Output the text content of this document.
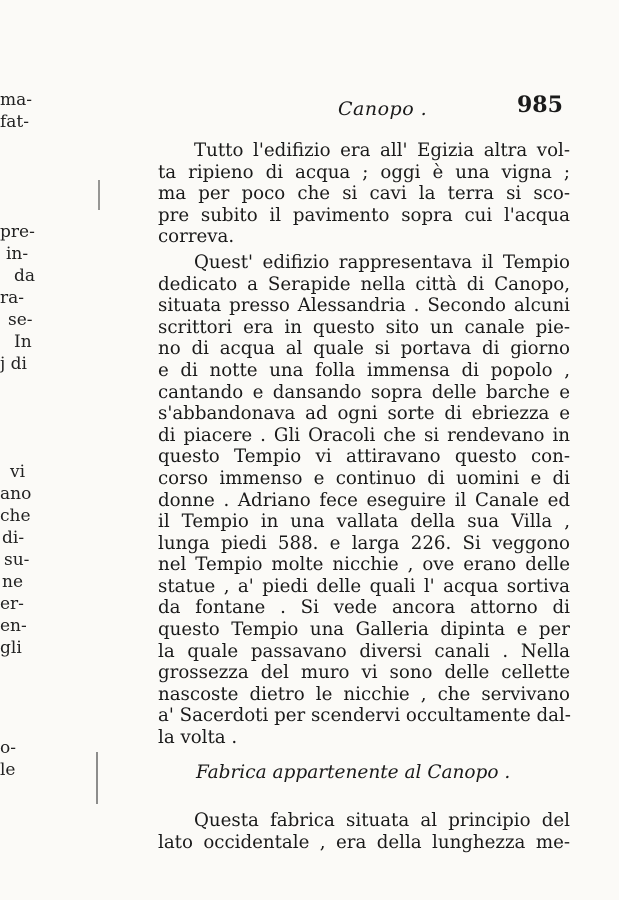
ma-
fat-
pre-
in-
da
ra-
se-
In
j di
vi
ano
che
di-
su-
ne
er-
en-
gli
o-
le
Canopo .	985
Tutto l'edifizio era all' Egizia altra vol-
ta ripieno di acqua ; oggi è una vigna ;
ma per poco che si cavi la terra si sco-
pre subito il pavimento sopra cui l'acqua
correva.
Quest' edifizio rappresentava il Tempio
dedicato a Serapide nella città di Canopo,
situata presso Alessandria . Secondo alcuni
scrittori era in questo sito un canale pie-
no di acqua al quale si portava di giorno
e di notte una folla immensa di popolo ,
cantando e dansando sopra delle barche e
s'abbandonava ad ogni sorte di ebriezza e
di piacere . Gli Oracoli che si rendevano in
questo Tempio vi attiravano questo con-
corso immenso e continuo di uomini e di
donne . Adriano fece eseguire il Canale ed
il Tempio in una vallata della sua Villa ,
lunga piedi 588. e larga 226. Si veggono
nel Tempio molte nicchie , ove erano delle
statue , a' piedi delle quali l' acqua sortiva
da fontane . Si vede ancora attorno di
questo Tempio una Galleria dipinta e per
la quale passavano diversi canali . Nella
grossezza del muro vi sono delle cellette
nascoste dietro le nicchie , che servivano
a' Sacerdoti per scendervi occultamente dal-
la volta .
Fabrica appartenente al Canopo .
Questa fabrica situata al principio del
lato occidentale , era della lunghezza me-
